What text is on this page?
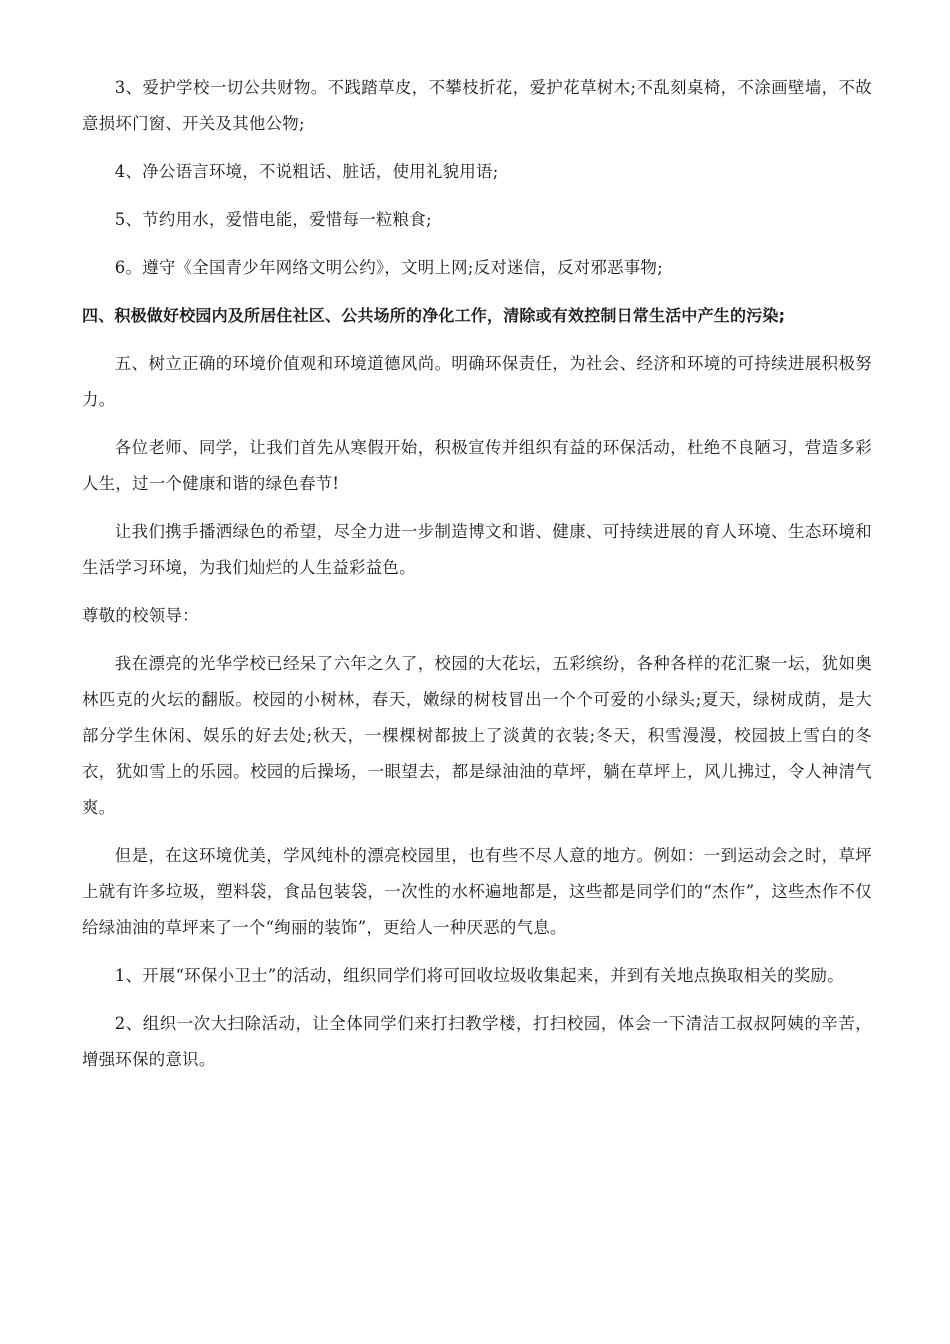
3、爱护学校一切公共财物。不践踏草皮，不攀枝折花，爱护花草树木;不乱刻桌椅，不涂画壁墙，不故意损坏门窗、开关及其他公物;

4、净公语言环境，不说粗话、脏话，使用礼貌用语;

5、节约用水，爱惜电能，爱惜每一粒粮食;

6。遵守《全国青少年网络文明公约》，文明上网;反对迷信，反对邪恶事物;

四、积极做好校园内及所居住社区、公共场所的净化工作，清除或有效控制日常生活中产生的污染;

五、树立正确的环境价值观和环境道德风尚。明确环保责任，为社会、经济和环境的可持续进展积极努力。

各位老师、同学，让我们首先从寒假开始，积极宣传并组织有益的环保活动，杜绝不良陋习，营造多彩人生，过一个健康和谐的绿色春节!

让我们携手播洒绿色的希望，尽全力进一步制造博文和谐、健康、可持续进展的育人环境、生态环境和生活学习环境，为我们灿烂的人生益彩益色。

尊敬的校领导：

我在漂亮的光华学校已经呆了六年之久了，校园的大花坛，五彩缤纷，各种各样的花汇聚一坛，犹如奥林匹克的火坛的翻版。校园的小树林，春天，嫩绿的树枝冒出一个个可爱的小绿头;夏天，绿树成荫，是大部分学生休闲、娱乐的好去处;秋天，一棵棵树都披上了淡黄的衣装;冬天，积雪漫漫，校园披上雪白的冬衣，犹如雪上的乐园。校园的后操场，一眼望去，都是绿油油的草坪，躺在草坪上，风儿拂过，令人神清气爽。

但是，在这环境优美，学风纯朴的漂亮校园里，也有些不尽人意的地方。例如：一到运动会之时，草坪上就有许多垃圾，塑料袋，食品包装袋，一次性的水杯遍地都是，这些都是同学们的“杰作”，这些杰作不仅给绿油油的草坪来了一个“绚丽的装饰”，更给人一种厌恶的气息。

1、开展“环保小卫士”的活动，组织同学们将可回收垃圾收集起来，并到有关地点换取相关的奖励。

2、组织一次大扫除活动，让全体同学们来打扫教学楼，打扫校园，体会一下清洁工叔叔阿姨的辛苦，增强环保的意识。
